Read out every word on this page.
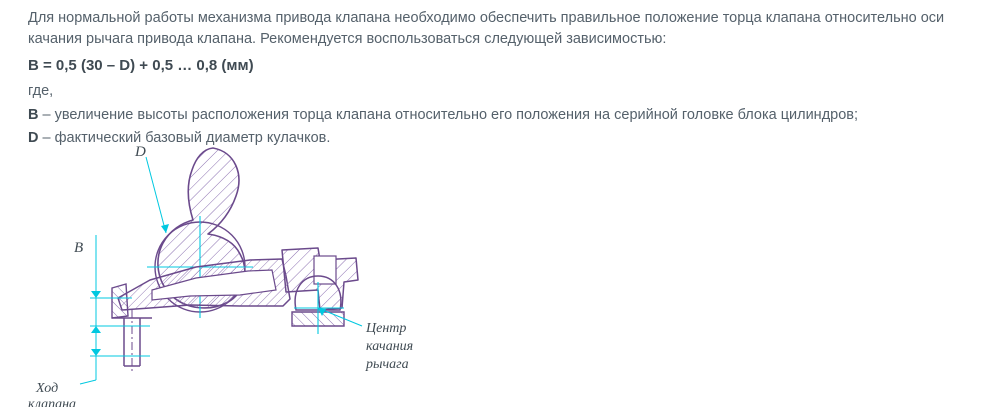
Для нормальной работы механизма привода клапана необходимо обеспечить правильное положение торца клапана относительно оси качания рычага привода клапана. Рекомендуется воспользоваться следующей зависимостью:

B = 0,5 (30 – D) + 0,5 … 0,8 (мм)
где,
B – увеличение высоты расположения торца клапана относительно его положения на серийной головке блока цилиндров;
D – фактический базовый диаметр кулачков.
D
Центр
качания
рычага
B
Ход
клапана
